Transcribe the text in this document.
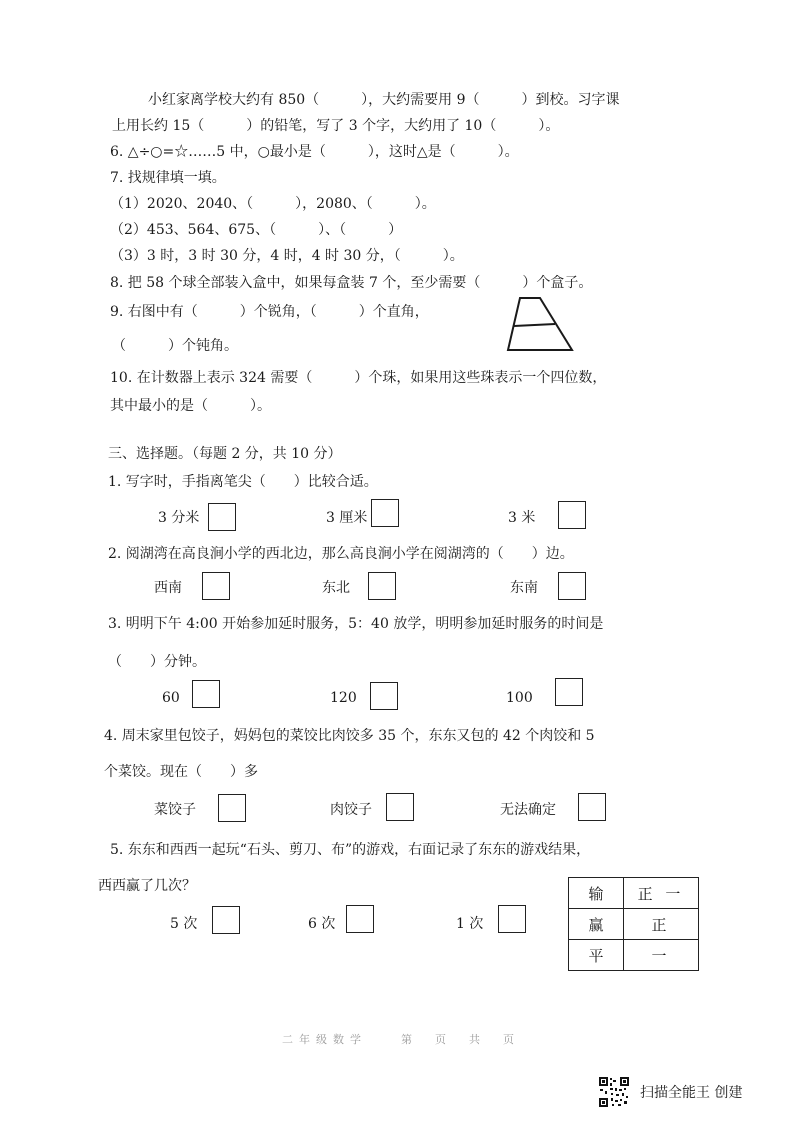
小红家离学校大约有 850（　　　），大约需要用 9（　　　）到校。习字课
上用长约 15（　　　）的铅笔，写了 3 个字，大约用了 10（　　　）。
6. △÷○=☆……5 中，○最小是（　　　），这时△是（　　　）。
7. 找规律填一填。
（1）2020、2040、（　　　），2080、（　　　）。
（2）453、564、675、（　　　）、（　　　）
（3）3 时，3 时 30 分，4 时，4 时 30 分，（　　　）。
8. 把 58 个球全部装入盒中，如果每盒装 7 个，至少需要（　　　）个盒子。
9. 右图中有（　　　）个锐角，（　　　）个直角，
（　　　）个钝角。
10. 在计数器上表示 324 需要（　　　）个珠，如果用这些珠表示一个四位数，
其中最小的是（　　　）。
三、选择题。（每题 2 分，共 10 分）
1. 写字时，手指离笔尖（　　）比较合适。
3 分米	3 厘米	3 米
2. 阅湖湾在高良涧小学的西北边，那么高良涧小学在阅湖湾的（　　）边。
西南	东北	东南
3. 明明下午 4:00 开始参加延时服务，5：40 放学，明明参加延时服务的时间是
（　　）分钟。
60	120	100
4. 周末家里包饺子，妈妈包的菜饺比肉饺多 35 个，东东又包的 42 个肉饺和 5
个菜饺。现在（　　）多
菜饺子	肉饺子	无法确定
5. 东东和西西一起玩“石头、剪刀、布”的游戏，右面记录了东东的游戏结果，
西西赢了几次？
5 次	6 次	1 次
输	正 一
赢	正
平	一
二年级数学　　第　页　共　页
扫描全能王 创建
